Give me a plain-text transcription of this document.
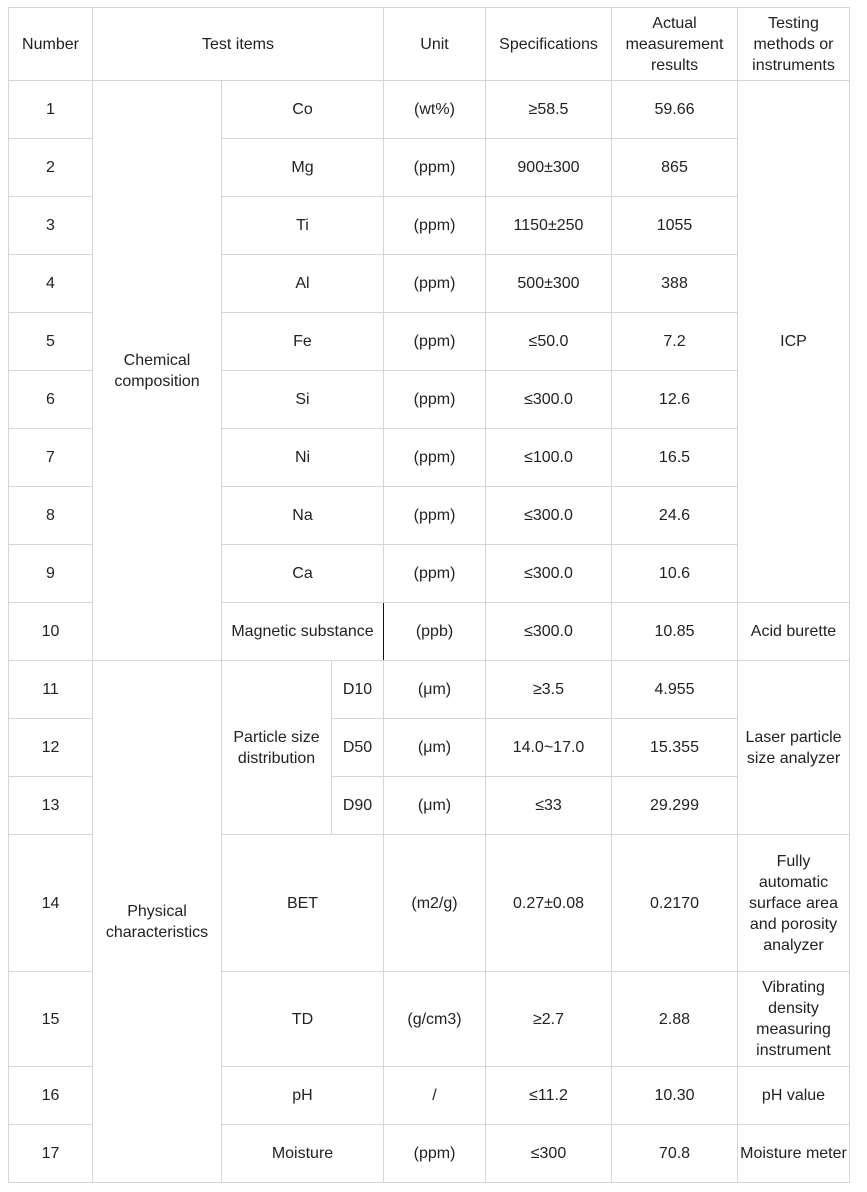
Number	Test items			Unit	Specifications	Actual measurement results	Testing methods or instruments
1	Chemical composition	Co		(wt%)	≥58.5	59.66	ICP
2		Mg		(ppm)	900±300	865	
3		Ti		(ppm)	1150±250	1055	
4		Al		(ppm)	500±300	388	
5		Fe		(ppm)	≤50.0	7.2	
6		Si		(ppm)	≤300.0	12.6	
7		Ni		(ppm)	≤100.0	16.5	
8		Na		(ppm)	≤300.0	24.6	
9		Ca		(ppm)	≤300.0	10.6	
10		Magnetic substance		(ppb)	≤300.0	10.85	Acid burette
11	Physical characteristics	Particle size distribution	D10	(μm)	≥3.5	4.955	Laser particle size analyzer
12			D50	(μm)	14.0~17.0	15.355	
13			D90	(μm)	≤33	29.299	
14		BET		(m2/g)	0.27±0.08	0.2170	Fully automatic surface area and porosity analyzer
15		TD		(g/cm3)	≥2.7	2.88	Vibrating density measuring instrument
16		pH		/	≤11.2	10.30	pH value
17		Moisture		(ppm)	≤300	70.8	Moisture meter
